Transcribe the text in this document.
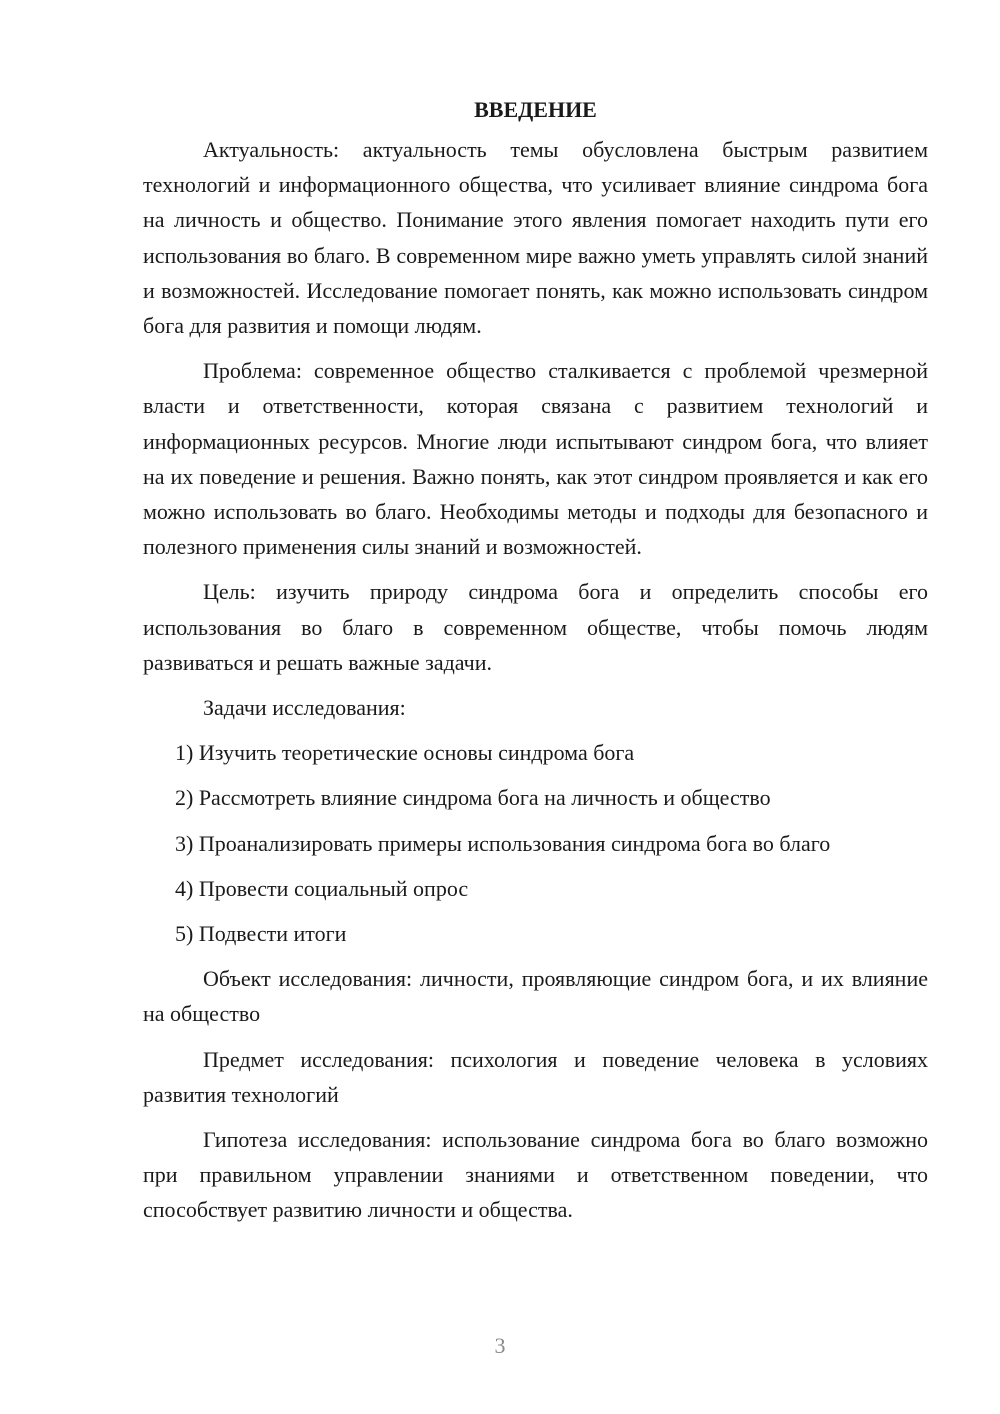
ВВЕДЕНИЕ

Актуальность: актуальность темы обусловлена быстрым развитием технологий и информационного общества, что усиливает влияние синдрома бога на личность и общество. Понимание этого явления помогает находить пути его использования во благо. В современном мире важно уметь управлять силой знаний и возможностей. Исследование помогает понять, как можно использовать синдром бога для развития и помощи людям.

Проблема: современное общество сталкивается с проблемой чрезмерной власти и ответственности, которая связана с развитием технологий и информационных ресурсов. Многие люди испытывают синдром бога, что влияет на их поведение и решения. Важно понять, как этот синдром проявляется и как его можно использовать во благо. Необходимы методы и подходы для безопасного и полезного применения силы знаний и возможностей.

Цель: изучить природу синдрома бога и определить способы его использования во благо в современном обществе, чтобы помочь людям развиваться и решать важные задачи.

Задачи исследования:

1) Изучить теоретические основы синдрома бога
2) Рассмотреть влияние синдрома бога на личность и общество
3) Проанализировать примеры использования синдрома бога во благо
4) Провести социальный опрос
5) Подвести итоги

Объект исследования: личности, проявляющие синдром бога, и их влияние на общество

Предмет исследования: психология и поведение человека в условиях развития технологий

Гипотеза исследования: использование синдрома бога во благо возможно при правильном управлении знаниями и ответственном поведении, что способствует развитию личности и общества.

3
